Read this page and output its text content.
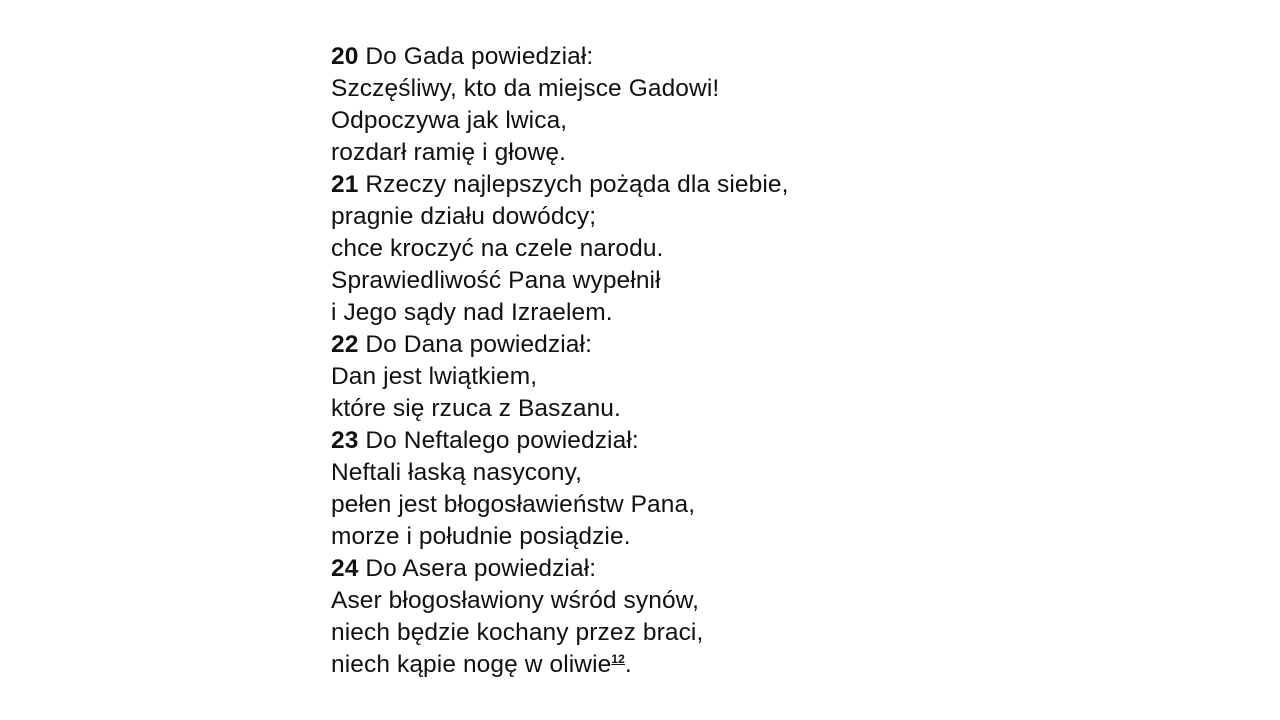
20 Do Gada powiedział:
Szczęśliwy, kto da miejsce Gadowi!
Odpoczywa jak lwica,
rozdarł ramię i głowę.
21 Rzeczy najlepszych pożąda dla siebie,
pragnie działu dowódcy;
chce kroczyć na czele narodu.
Sprawiedliwość Pana wypełnił
i Jego sądy nad Izraelem.
22 Do Dana powiedział:
Dan jest lwiątkiem,
które się rzuca z Baszanu.
23 Do Neftalego powiedział:
Neftali łaską nasycony,
pełen jest błogosławieństw Pana,
morze i południe posiądzie.
24 Do Asera powiedział:
Aser błogosławiony wśród synów,
niech będzie kochany przez braci,
niech kąpie nogę w oliwie$^{12}$.
